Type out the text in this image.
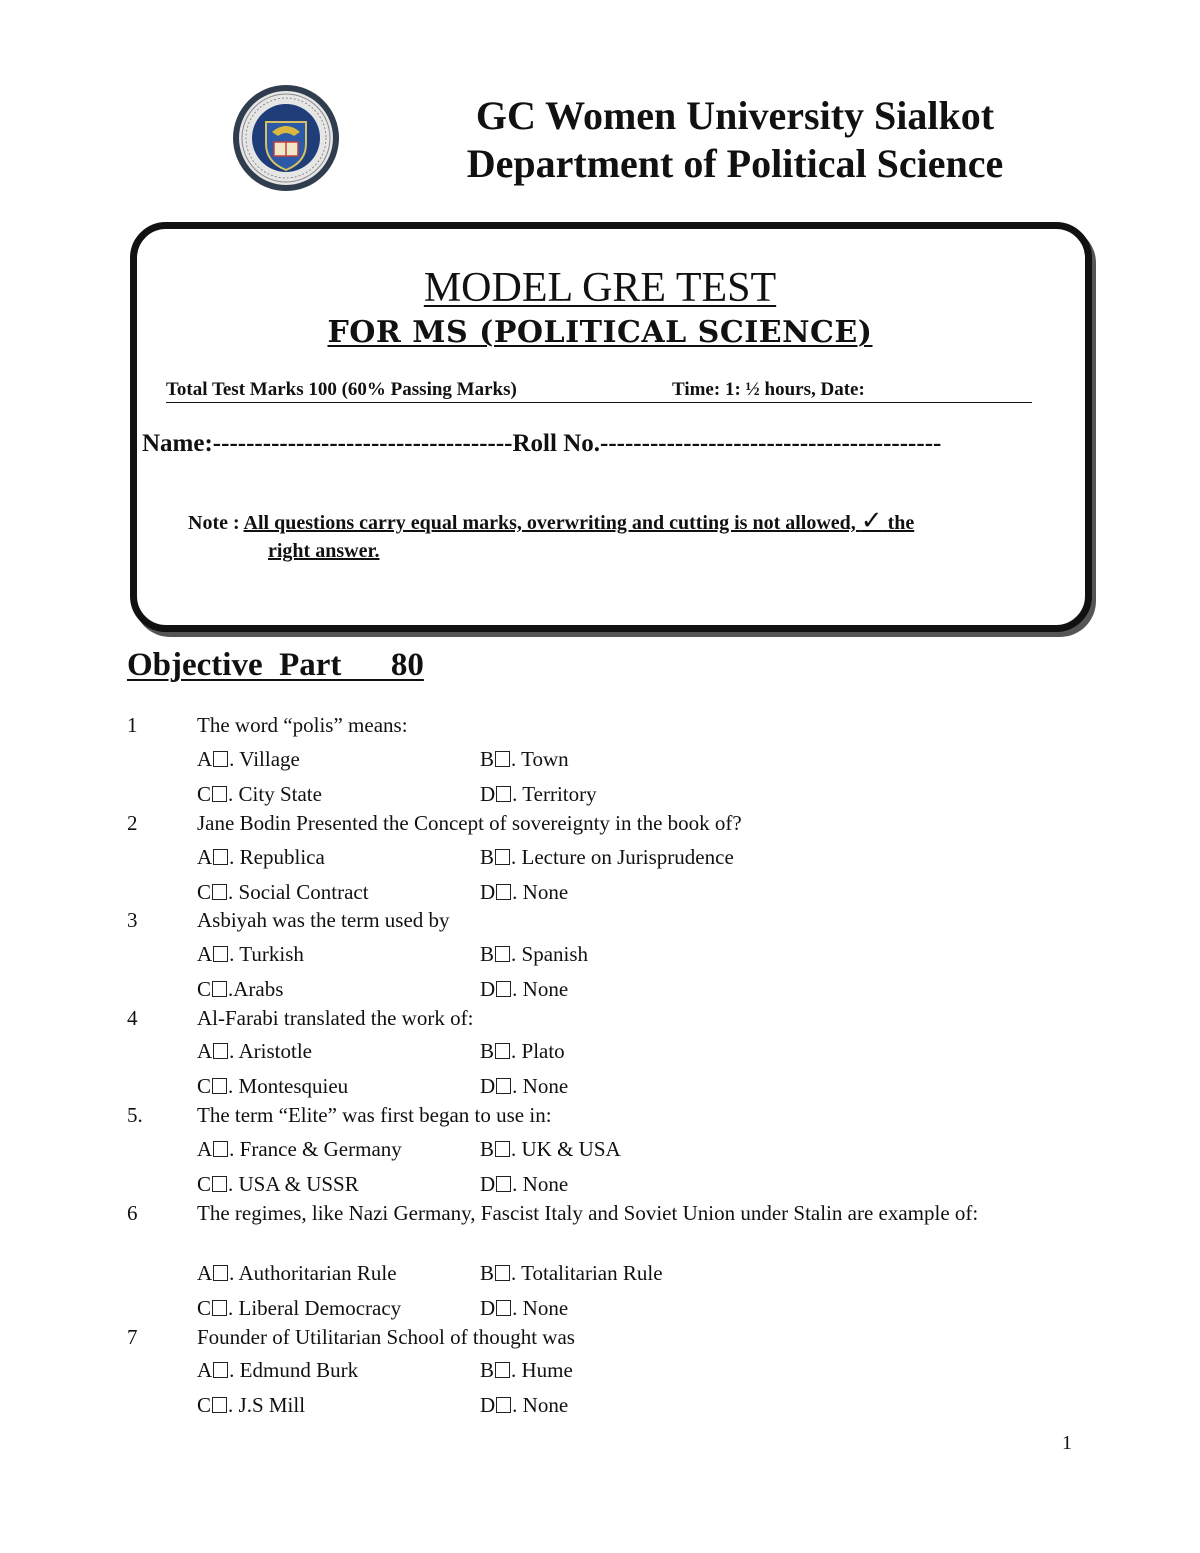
GC Women University Sialkot
Department of Political Science
MODEL GRE TEST
FOR MS (POLITICAL SCIENCE)
Total Test Marks 100 (60% Passing Marks)	Time: 1: ½ hours, Date:
Name:------------------------------------Roll No.-----------------------------------------
Note : All questions carry equal marks, overwriting and cutting is not allowed, ✓ the
right answer.
Objective  Part      80
1	The word “polis” means:
A . Village	B . Town
C . City State	D . Territory
2	Jane Bodin Presented the Concept of sovereignty in the book of?
A . Republica	B . Lecture on Jurisprudence
C . Social Contract	D . None
3	Asbiyah was the term used by
A . Turkish	B . Spanish
C .Arabs	D . None
4	Al-Farabi translated the work of:
A . Aristotle	B . Plato
C . Montesquieu	D . None
5.	The term “Elite” was first began to use in:
A . France & Germany	B . UK & USA
C . USA & USSR	D . None
6	The regimes, like Nazi Germany, Fascist Italy and Soviet Union under Stalin are example of:
A . Authoritarian Rule	B . Totalitarian Rule
C . Liberal Democracy	D . None
7	Founder of Utilitarian School of thought was
A . Edmund Burk	B . Hume
C . J.S Mill	D . None
1
